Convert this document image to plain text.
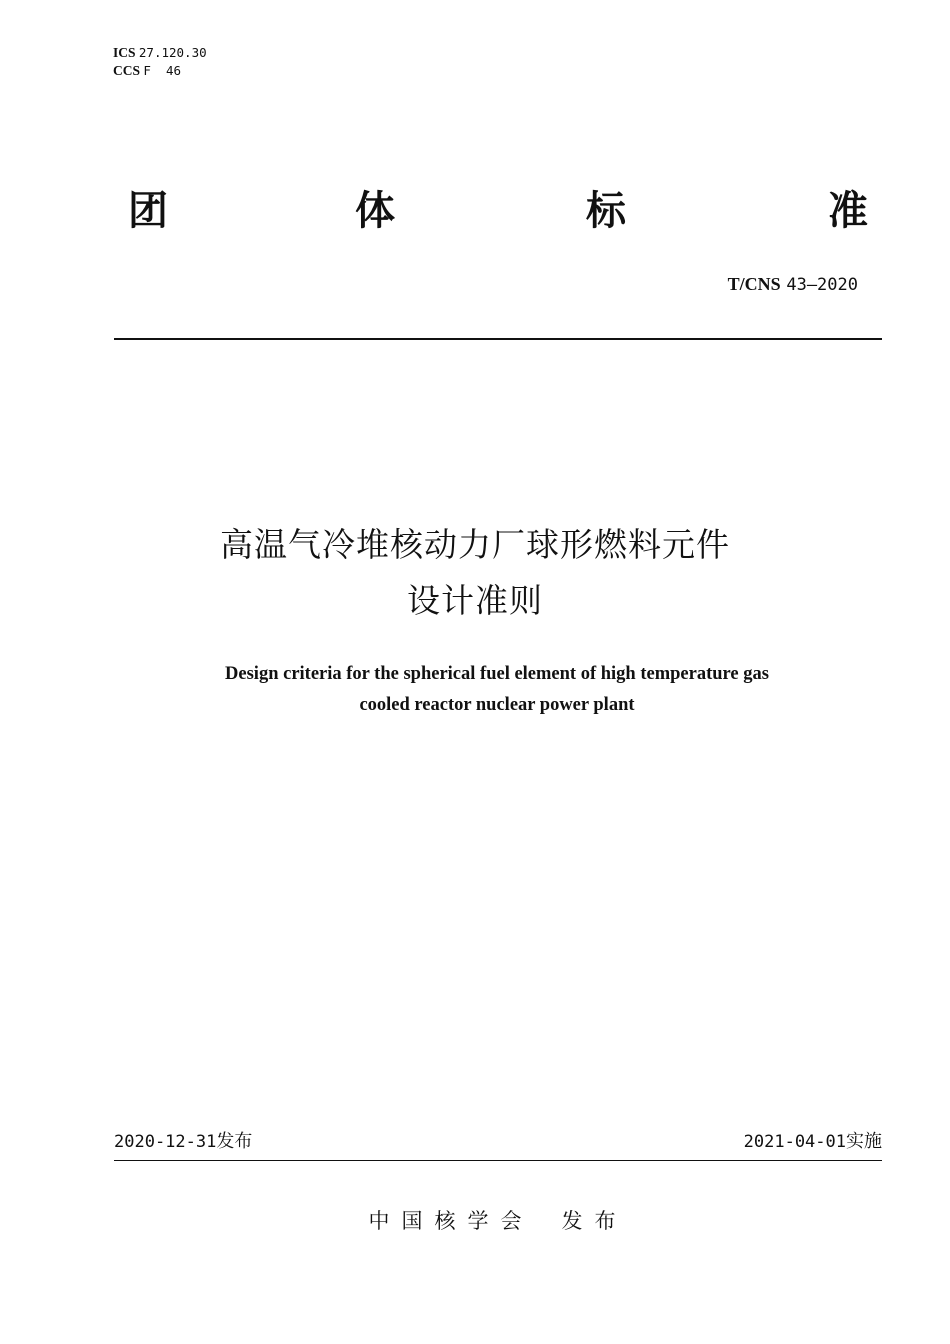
ICS 27.120.30
CCS F  46
团	体	标	准
T/CNS 43—2020
高温气冷堆核动力厂球形燃料元件
设计准则
Design criteria for the spherical fuel element of high temperature gas
cooled reactor nuclear power plant
2020-12-31发布	2021-04-01实施
中国核学会 发布
